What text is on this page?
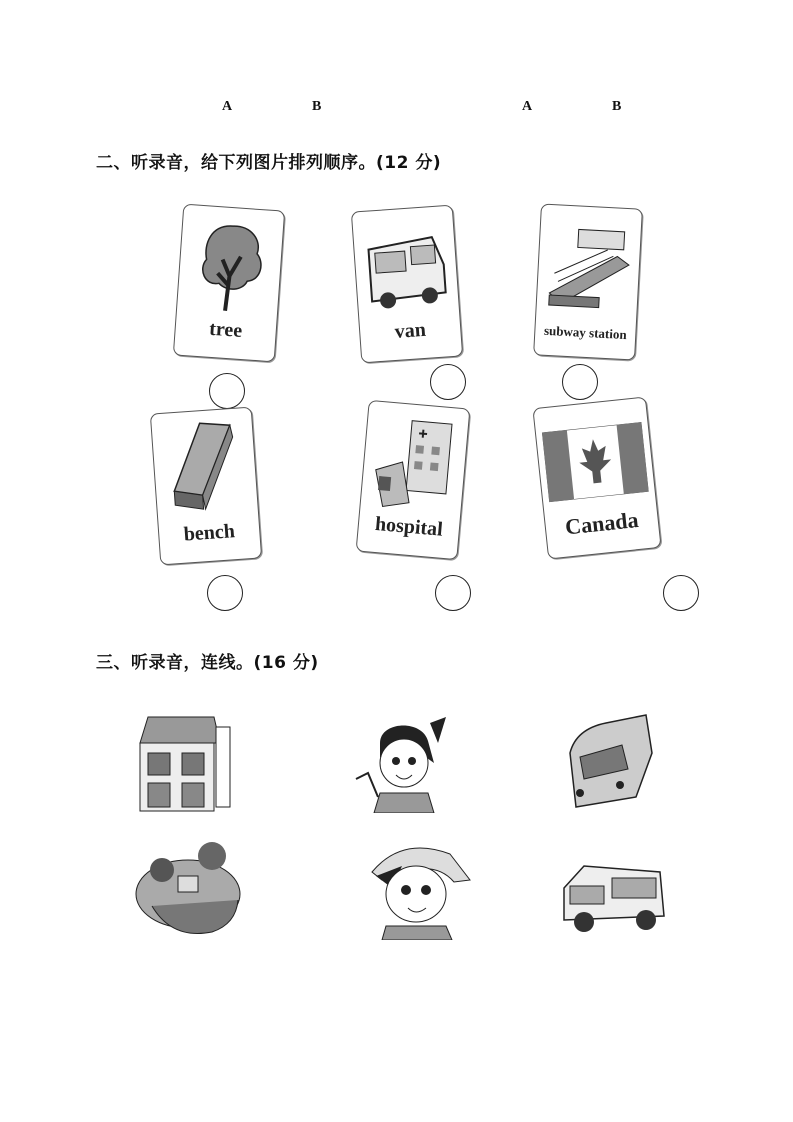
A	B	A	B
二、听录音，给下列图片排列顺序。(12 分)
tree	van	subway station
bench	hospital	Canada
三、听录音，连线。(16 分)
